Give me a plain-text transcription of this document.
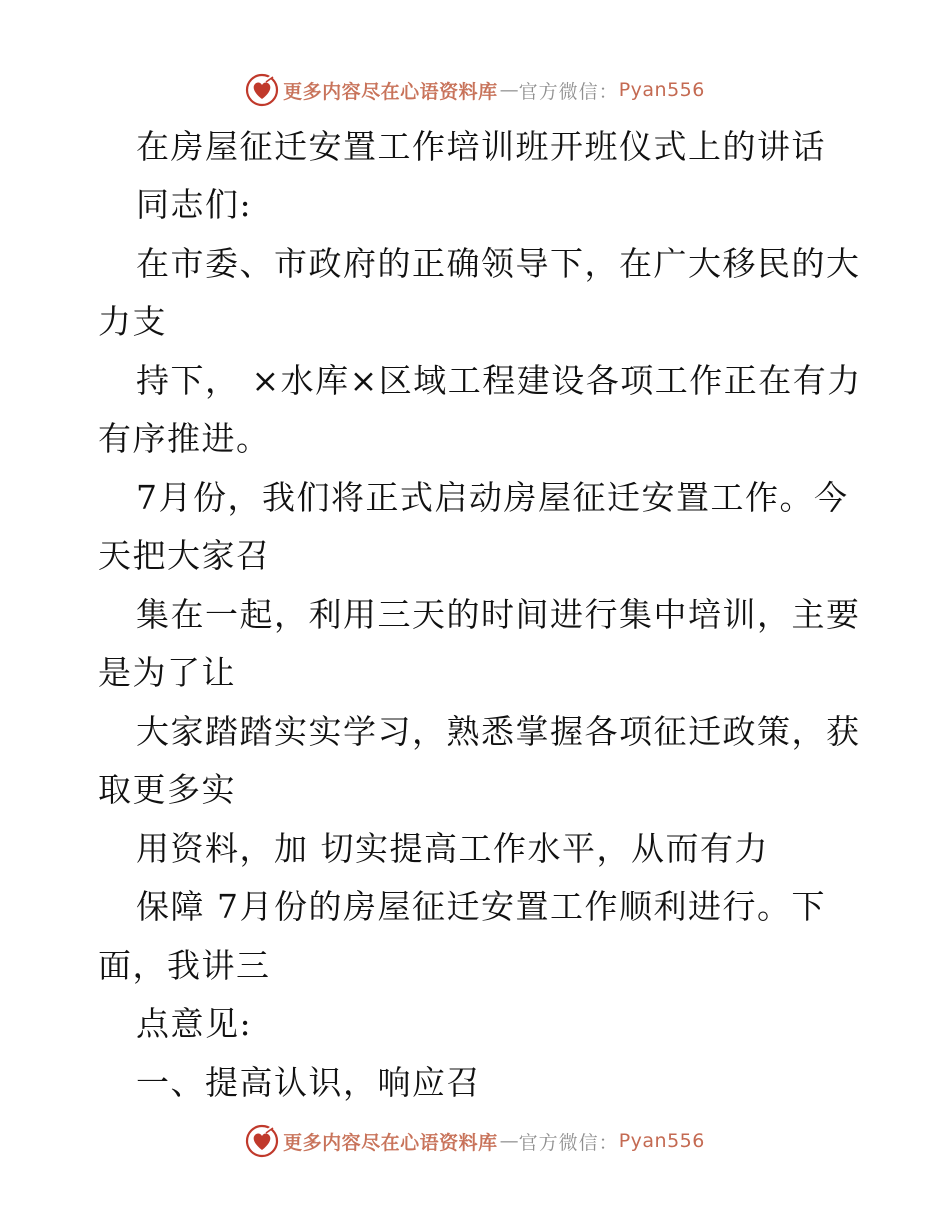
更多内容尽在心语资料库 — 官方微信： Pyan556
在房屋征迁安置工作培训班开班仪式上的讲话
同志们:
在市委、市政府的正确领导下，在广大移民的大
力支
持下， ×水库×区域工程建设各项工作正在有力
有序推进。
7月份，我们将正式启动房屋征迁安置工作。今
天把大家召
集在一起，利用三天的时间进行集中培训，主要
是为了让
大家踏踏实实学习，熟悉掌握各项征迁政策，获
取更多实
用资料，加 切实提高工作水平，从而有力
保障 7月份的房屋征迁安置工作顺利进行。下
面，我讲三
点意见:
一、提高认识，响应召
更多内容尽在心语资料库 — 官方微信： Pyan556
